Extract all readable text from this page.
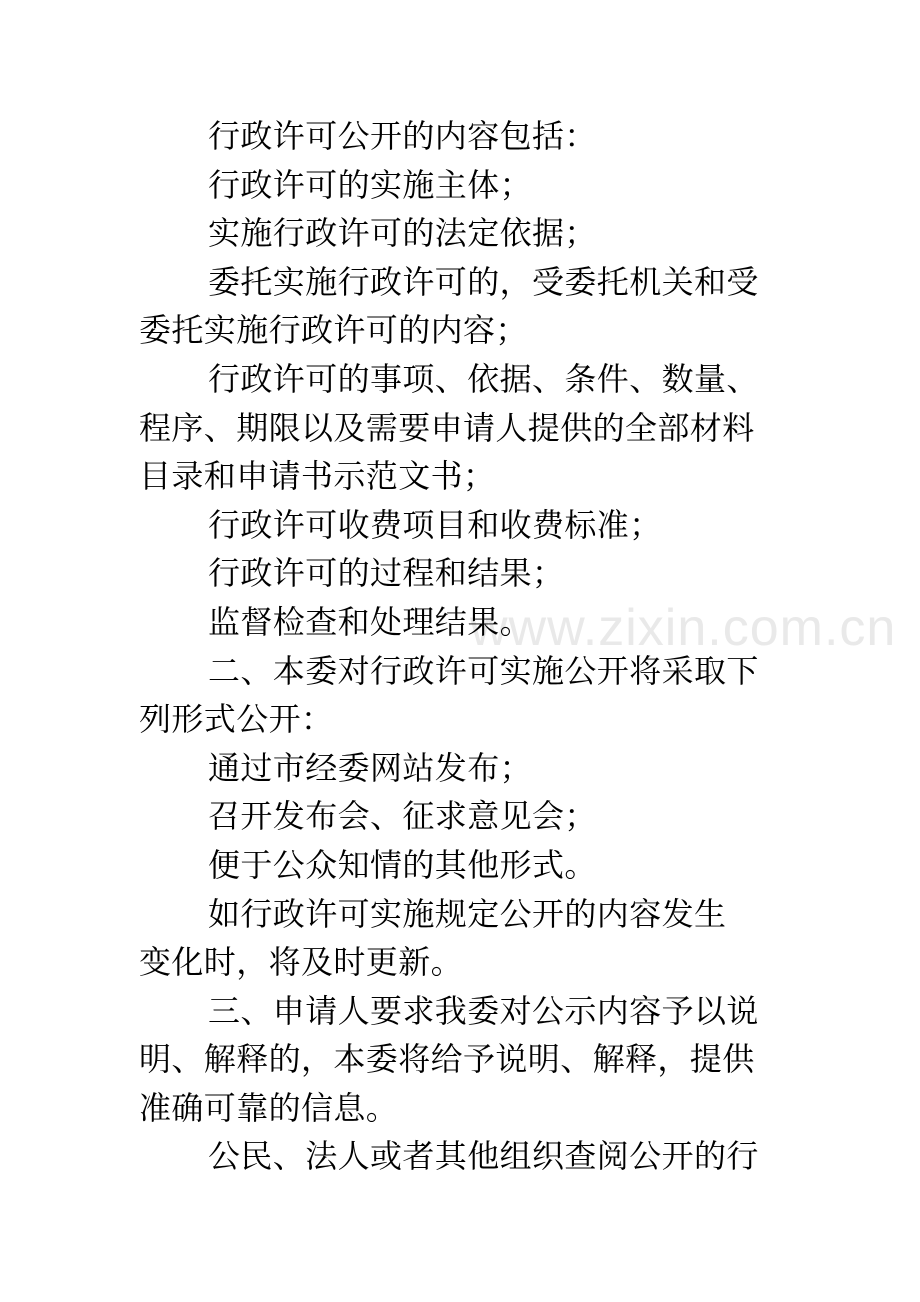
www.zixin.com.cn
行政许可公开的内容包括：
行政许可的实施主体；
实施行政许可的法定依据；
委托实施行政许可的，受委托机关和受
委托实施行政许可的内容；
行政许可的事项、依据、条件、数量、
程序、期限以及需要申请人提供的全部材料
目录和申请书示范文书；
行政许可收费项目和收费标准；
行政许可的过程和结果；
监督检查和处理结果。
二、本委对行政许可实施公开将采取下
列形式公开：
通过市经委网站发布；
召开发布会、征求意见会；
便于公众知情的其他形式。
如行政许可实施规定公开的内容发生
变化时，将及时更新。
三、申请人要求我委对公示内容予以说
明、解释的，本委将给予说明、解释，提供
准确可靠的信息。
公民、法人或者其他组织查阅公开的行
